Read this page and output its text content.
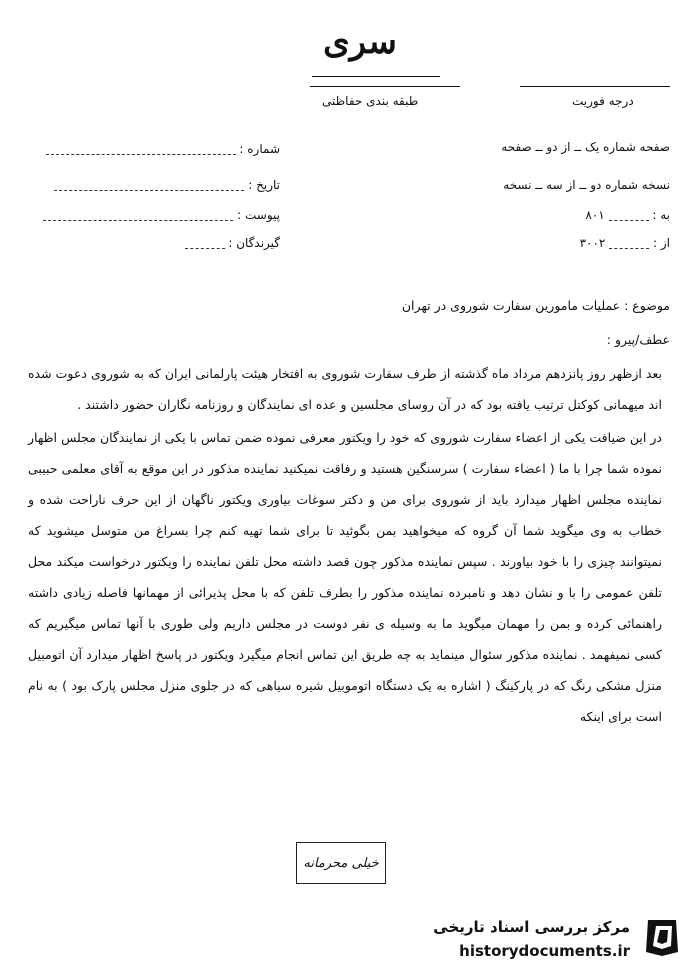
سری
طبقه بندی حفاظتی	درجه فوریت
صفحه شماره یک ــ از دو ــ صفحه
نسخه شماره دو ــ از سه ــ نسخه
به :  ۸۰۱
از :  ۳۰۰۲
شماره :
تاریخ :
پیوست :
گیرندگان :
موضوع : عملیات مامورین سفارت شوروی در تهران
عطف/پیرو :

بعد ازظهر روز پانزدهم مرداد ماه گذشته از طرف سفارت شوروی به افتخار هیئت پارلمانی ایران که به شوروی دعوت شده اند میهمانی کوکتل ترتیب یافته بود که در آن روسای مجلسین و عده ای نمایندگان و روزنامه نگاران حضور داشتند .

در این ضیافت یکی از اعضاء سفارت شوروی که خود را ویکتور معرفی نموده ضمن تماس با یکی از نمایندگان مجلس اظهار نموده شما چرا با ما ( اعضاء سفارت ) سرسنگین هستید و رفاقت نمیکنید نماینده مذکور در این موقع به آقای معلمی حبیبی نماینده مجلس اظهار میدارد باید از شوروی برای من و دکتر سوغات بیاوری ویکتور ناگهان از این حرف ناراحت شده و خطاب به وی میگوید شما آن گروه که میخواهید بمن بگوئید تا برای شما تهیه کنم چرا بسراغ من متوسل میشوید که نمیتوانند چیزی را با خود بیاورند . سپس نماینده مذکور چون قصد داشته محل تلفن نماینده را ویکتور درخواست میکند محل تلفن عمومی را با و نشان دهد و نامبرده نماینده مذکور را بطرف تلفن که با محل پذیرائی از مهمانها فاصله زیادی داشته راهنمائی کرده و بمن را مهمان میگوید ما به وسیله ی نفر دوست در مجلس داریم ولی طوری با آنها تماس میگیریم که کسی نمیفهمد . نماینده مذکور سئوال مینماید به چه طریق این تماس انجام میگیرد ویکتور در پاسخ اظهار میدارد آن اتومبیل منزل مشکی رنگ که در پارکینگ ( اشاره به یک دستگاه اتوموبیل شیره سیاهی که در جلوی منزل مجلس پارک بود ) به نام است برای اینکه

خیلی محرمانه
مرکز بررسی اسناد تاریخی
historydocuments.ir
